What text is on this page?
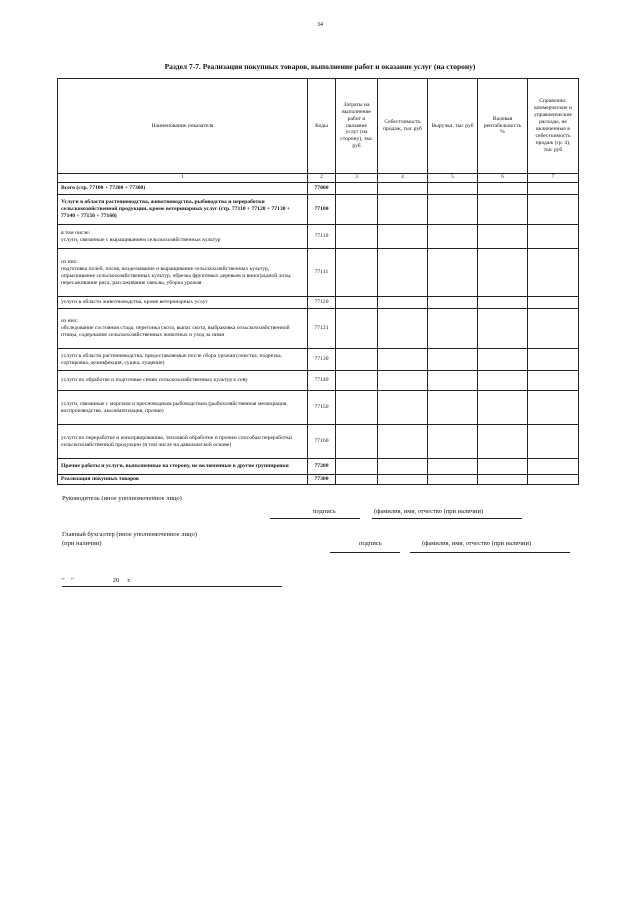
34
Раздел 7-7. Реализация покупных товаров, выполнение работ и оказание услуг (на сторону)
Наименование показателя	Коды	Затраты на выполнение работ и оказание услуг (на сторону), тыс руб	Себестоимость продаж, тыс руб	Выручка, тыс руб	Валовая рентабельность %	Справочно: коммерческие и управленческие расходы, не включенные в себестоимость продаж (гр. 4), тыс руб
1	2	3	4	5	6	7
Всего (стр. 77100 + 77200 + 77300)	77000					
Услуги в области растениеводства, животноводства, рыбоводства и переработки сельскохозяйственной продукции, кроме ветеринарных услуг (стр. 77110 + 77120 + 77130 + 77140 + 77150 + 77160)	77100					

в том числе:
услуги, связанные с выращиванием сельскохозяйственных культур	77110					

из них:
подготовка полей, посев, возделывание и выращивание сельскохозяйственных культур, опрыскивание сельскохозяйственных культур, обрезка фруктовых деревьев и виноградной лозы, пересаживание риса, рассаживание свеклы, уборка урожая	77111					
услуги в области животноводства, кроме ветеринарных услуг	77120					

из них:
обследование состояния стада, перегонка скота, выпас скота, выбраковка сельскохозяйственной птицы, содержание сельскохозяйственных животных и уход за ними	77121					
услуги в области растениеводства, предоставляемые после сбора урожая (очистка, подрезка, сортировка, дезинфекция, сушка, лущение)	77130					
услуги по обработке и подготовке семян сельскохозяйственных культур к севу	77140					
услуги, связанные с морским и пресноводным рыбоводством (рыбохозяйственная мелиорация, воспроизводство, акклиматизация, прочие)	77150					
услуги по переработке и консервированию, тепловой обработке и прочим способам переработки сельскохозяйственной продукции (в том числе на давальческой основе)	77160					
Прочие работы и услуги, выполненные на сторону, не включенные в другие группировки	77200					
Реализация покупных товаров	77300					
Руководитель (иное уполномоченное лицо)
подпись	(фамилия, имя, отчество (при наличии)
Главный бухгалтер (иное уполномоченное лицо)
(при наличии)	подпись	(фамилия, имя, отчество (при наличии)
"    "                        20     г.
